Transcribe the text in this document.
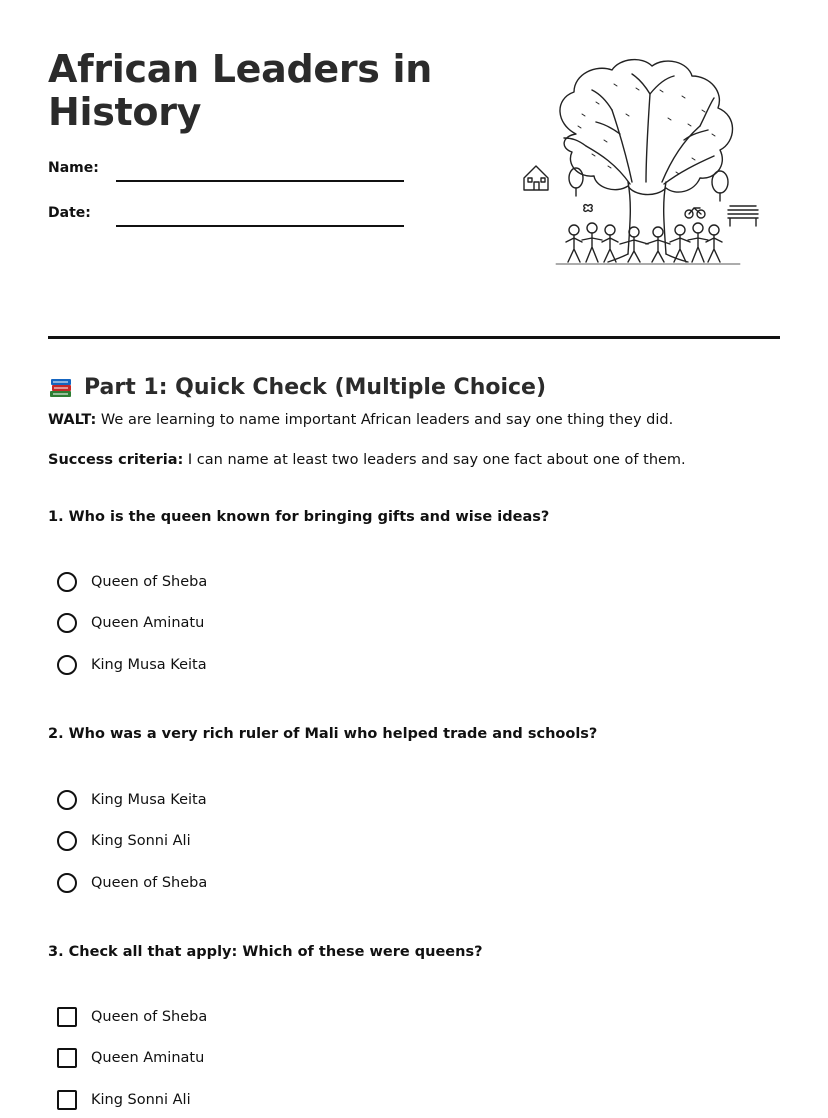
African Leaders in History
Name:
Date:
Part 1: Quick Check (Multiple Choice)

WALT: We are learning to name important African leaders and say one thing they did.

Success criteria: I can name at least two leaders and say one fact about one of them.

1. Who is the queen known for bringing gifts and wise ideas?
Queen of Sheba
Queen Aminatu
King Musa Keita
2. Who was a very rich ruler of Mali who helped trade and schools?
King Musa Keita
King Sonni Ali
Queen of Sheba
3. Check all that apply: Which of these were queens?
Queen of Sheba
Queen Aminatu
King Sonni Ali
